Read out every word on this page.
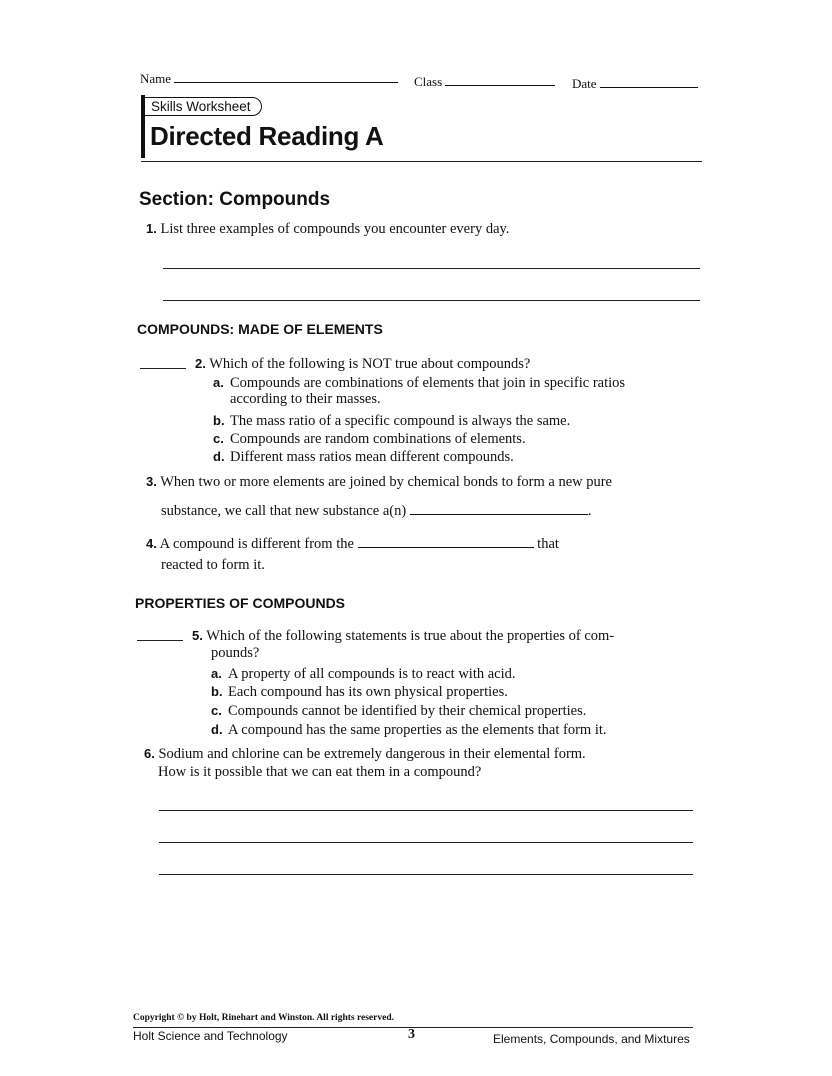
Name	Class	Date
Skills Worksheet
Directed Reading A
Section: Compounds
1. List three examples of compounds you encounter every day.
COMPOUNDS: MADE OF ELEMENTS
2. Which of the following is NOT true about compounds?
a. Compounds are combinations of elements that join in specific ratios
according to their masses.
b. The mass ratio of a specific compound is always the same.
c. Compounds are random combinations of elements.
d. Different mass ratios mean different compounds.
3. When two or more elements are joined by chemical bonds to form a new pure
substance, we call that new substance a(n)	.
4. A compound is different from the	that
reacted to form it.
PROPERTIES OF COMPOUNDS
5. Which of the following statements is true about the properties of com-
pounds?
a. A property of all compounds is to react with acid.
b. Each compound has its own physical properties.
c. Compounds cannot be identified by their chemical properties.
d. A compound has the same properties as the elements that form it.
6. Sodium and chlorine can be extremely dangerous in their elemental form.
How is it possible that we can eat them in a compound?
Copyright © by Holt, Rinehart and Winston. All rights reserved.
Holt Science and Technology	3	Elements, Compounds, and Mixtures
